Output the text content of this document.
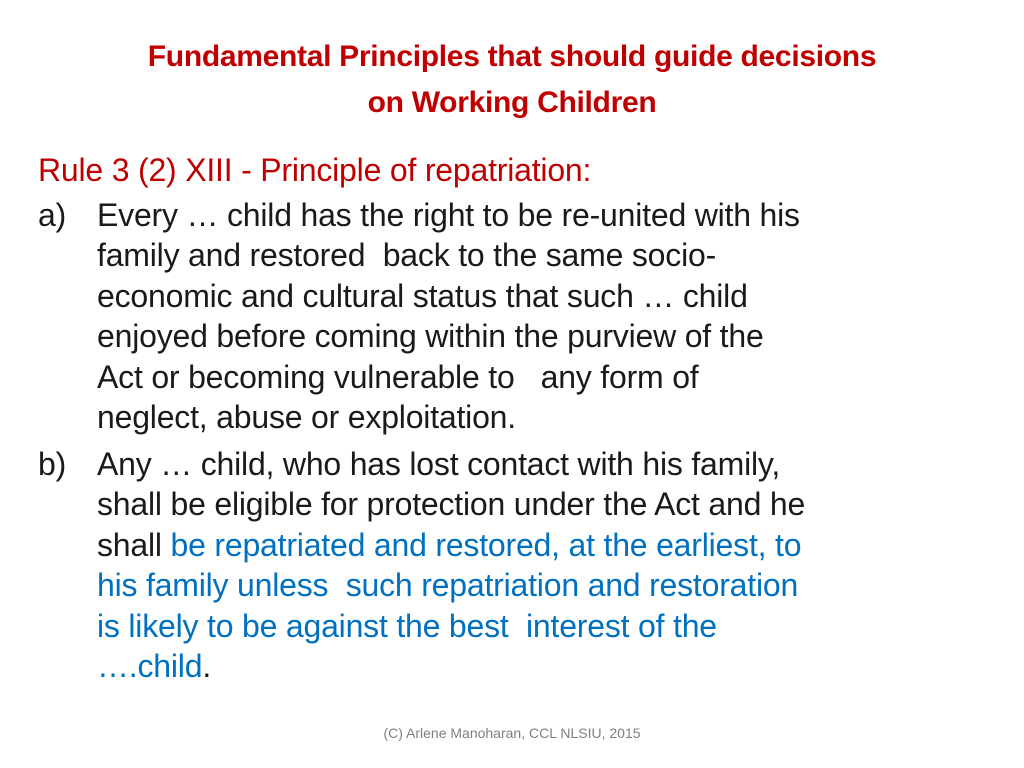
Fundamental Principles that should guide decisions
on Working Children
Rule 3 (2) XIII - Principle of repatriation:
a) Every … child has the right to be re-united with his
family and restored  back to the same socio-
economic and cultural status that such … child
enjoyed before coming within the purview of the
Act or becoming vulnerable to   any form of
neglect, abuse or exploitation.
b) Any … child, who has lost contact with his family,
shall be eligible for protection under the Act and he
shall be repatriated and restored, at the earliest, to
his family unless  such repatriation and restoration
is likely to be against the best  interest of the
….child.
(C) Arlene Manoharan, CCL NLSIU, 2015
